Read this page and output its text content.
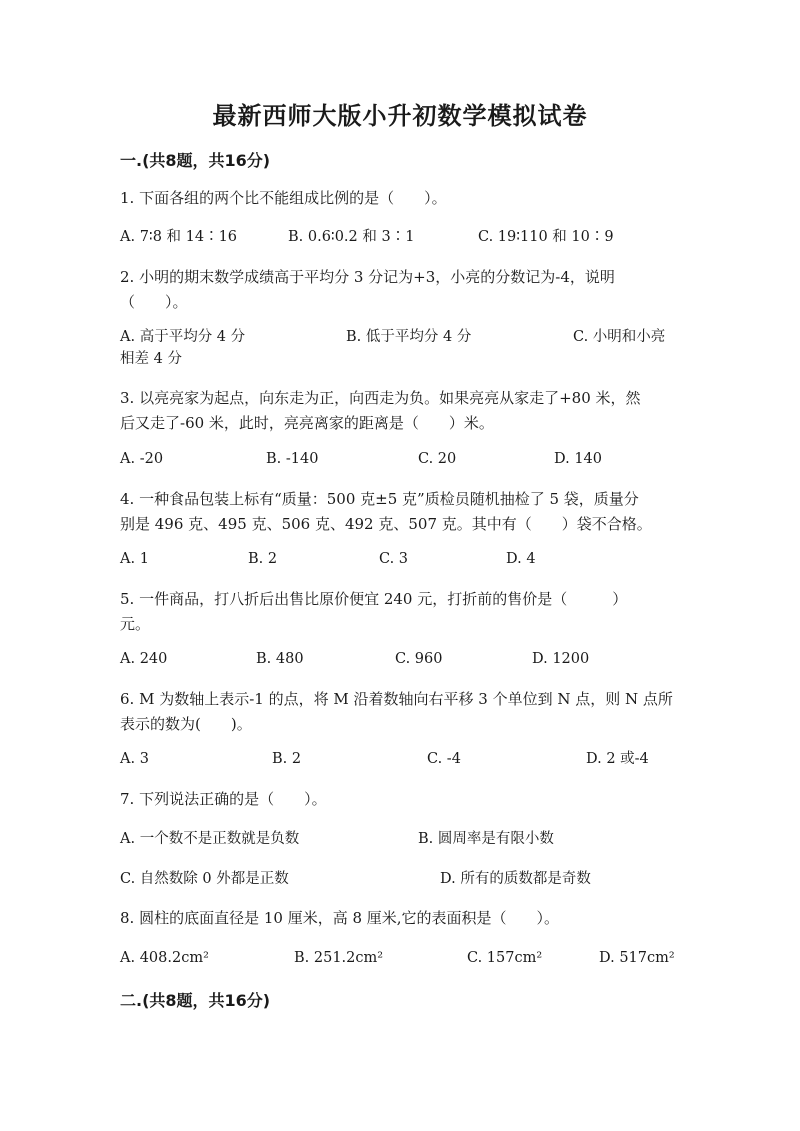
最新西师大版小升初数学模拟试卷
一.(共8题，共16分)
1. 下面各组的两个比不能组成比例的是（　　）。
A. 7∶8 和 14∶16	B. 0.6∶0.2 和 3∶1	C. 19∶110 和 10∶9
2. 小明的期末数学成绩高于平均分 3 分记为+3，小亮的分数记为-4，说明
（　　）。
A. 高于平均分 4 分	B. 低于平均分 4 分	C. 小明和小亮
相差 4 分
3. 以亮亮家为起点，向东走为正，向西走为负。如果亮亮从家走了+80 米，然
后又走了-60 米，此时，亮亮离家的距离是（　　）米。
A. -20	B. -140	C. 20	D. 140
4. 一种食品包装上标有“质量：500 克±5 克”质检员随机抽检了 5 袋，质量分
别是 496 克、495 克、506 克、492 克、507 克。其中有（　　）袋不合格。
A. 1	B. 2	C. 3	D. 4
5. 一件商品，打八折后出售比原价便宜 240 元，打折前的售价是（　　　）
元。
A. 240	B. 480	C. 960	D. 1200
6. M 为数轴上表示-1 的点，将 M 沿着数轴向右平移 3 个单位到 N 点，则 N 点所
表示的数为(　　)。
A. 3	B. 2	C. -4	D. 2 或-4
7. 下列说法正确的是（　　）。
A. 一个数不是正数就是负数	B. 圆周率是有限小数
C. 自然数除 0 外都是正数	D. 所有的质数都是奇数
8. 圆柱的底面直径是 10 厘米，高 8 厘米,它的表面积是（　　）。
A. 408.2cm²	B. 251.2cm²	C. 157cm²	D. 517cm²
二.(共8题，共16分)
